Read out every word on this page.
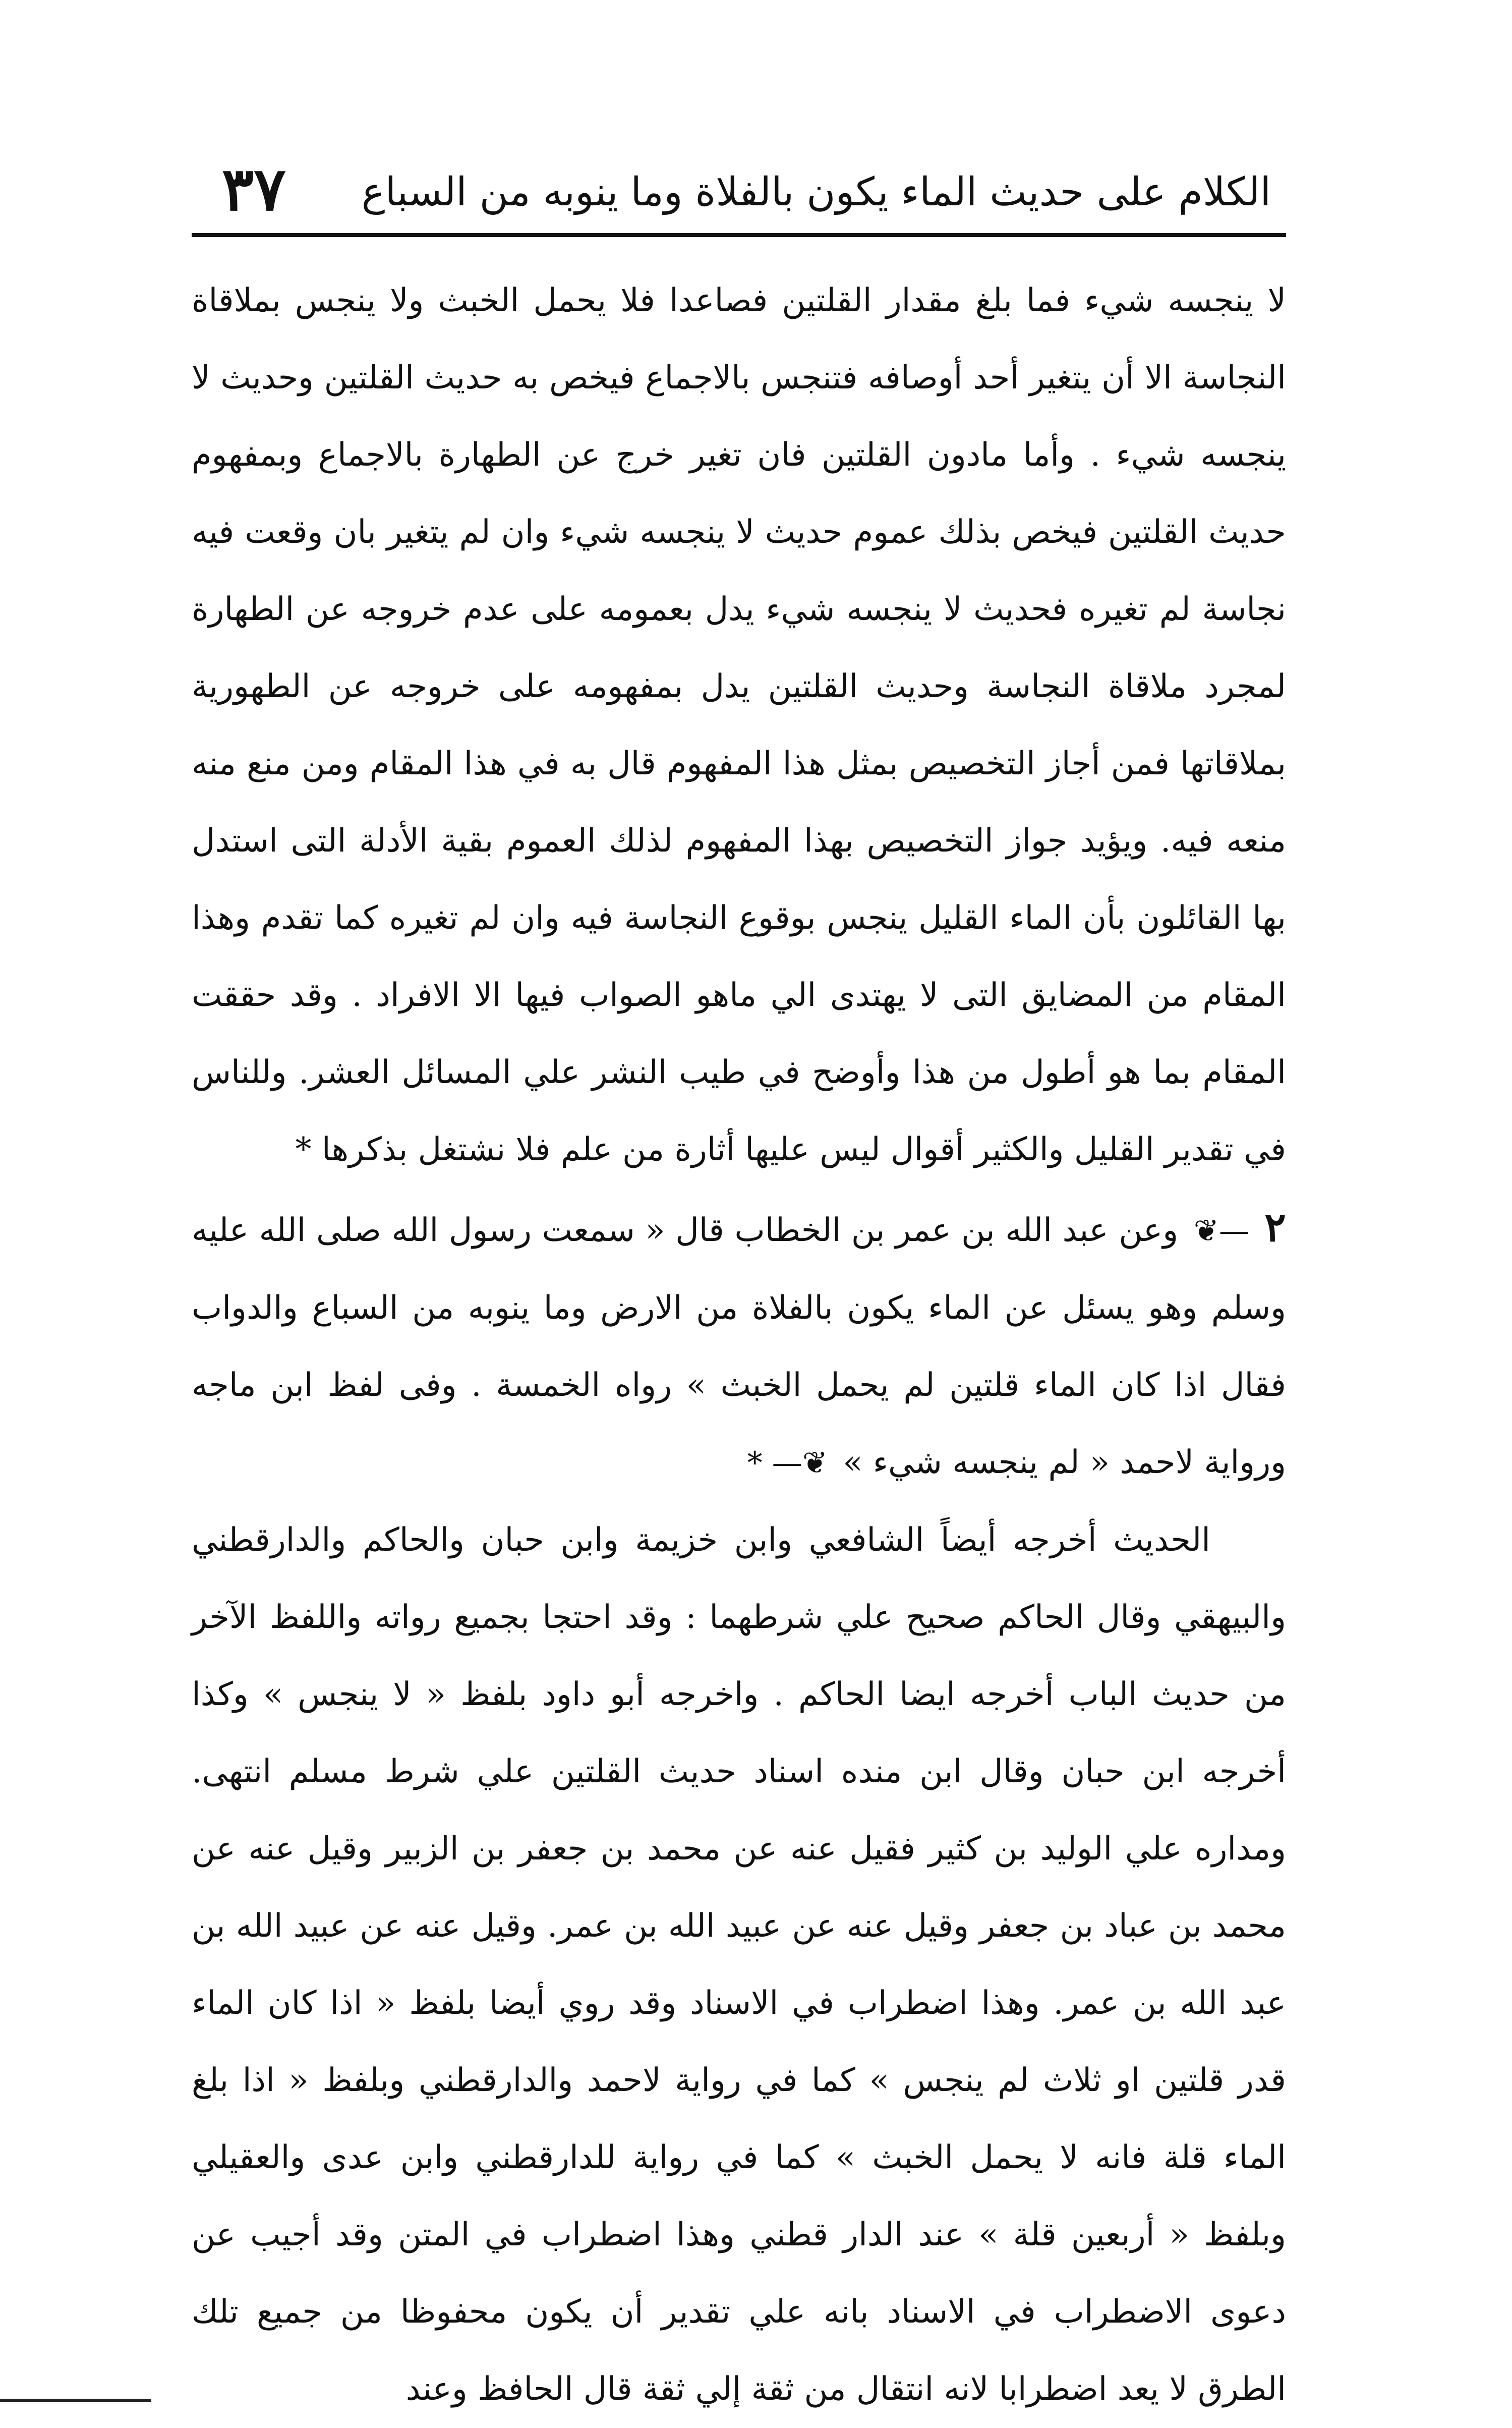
٣٧ الكلام على حديث الماء يكون بالفلاة وما ينوبه من السباع

لا ينجسه شيء فما بلغ مقدار القلتين فصاعدا فلا يحمل الخبث ولا ينجس بملاقاة النجاسة الا أن يتغير أحد أوصافه فتنجس بالاجماع فيخص به حديث القلتين وحديث لا ينجسه شيء . وأما مادون القلتين فان تغير خرج عن الطهارة بالاجماع وبمفهوم حديث القلتين فيخص بذلك عموم حديث لا ينجسه شيء وان لم يتغير بان وقعت فيه نجاسة لم تغيره فحديث لا ينجسه شيء يدل بعمومه على عدم خروجه عن الطهارة لمجرد ملاقاة النجاسة وحديث القلتين يدل بمفهومه على خروجه عن الطهورية بملاقاتها فمن أجاز التخصيص بمثل هذا المفهوم قال به في هذا المقام ومن منع منه منعه فيه. ويؤيد جواز التخصيص بهذا المفهوم لذلك العموم بقية الأدلة التى استدل بها القائلون بأن الماء القليل ينجس بوقوع النجاسة فيه وان لم تغيره كما تقدم وهذا المقام من المضايق التى لا يهتدى الي ماهو الصواب فيها الا الافراد . وقد حققت المقام بما هو أطول من هذا وأوضح في طيب النشر علي المسائل العشر. وللناس في تقدير القليل والكثير أقوال ليس عليها أثارة من علم فلا نشتغل بذكرها *

٢—❦ وعن عبد الله بن عمر بن الخطاب قال « سمعت رسول الله صلى الله عليه وسلم وهو يسئل عن الماء يكون بالفلاة من الارض وما ينوبه من السباع والدواب فقال اذا كان الماء قلتين لم يحمل الخبث » رواه الخمسة . وفى لفظ ابن ماجه ورواية لاحمد « لم ينجسه شيء » ❦— *

الحديث أخرجه أيضاً الشافعي وابن خزيمة وابن حبان والحاكم والدارقطني والبيهقي وقال الحاكم صحيح علي شرطهما : وقد احتجا بجميع رواته واللفظ الآخر من حديث الباب أخرجه ايضا الحاكم . واخرجه أبو داود بلفظ « لا ينجس » وكذا أخرجه ابن حبان وقال ابن منده اسناد حديث القلتين علي شرط مسلم انتهى. ومداره علي الوليد بن كثير فقيل عنه عن محمد بن جعفر بن الزبير وقيل عنه عن محمد بن عباد بن جعفر وقيل عنه عن عبيد الله بن عمر. وقيل عنه عن عبيد الله بن عبد الله بن عمر. وهذا اضطراب في الاسناد وقد روي أيضا بلفظ « اذا كان الماء قدر قلتين او ثلاث لم ينجس » كما في رواية لاحمد والدارقطني وبلفظ « اذا بلغ الماء قلة فانه لا يحمل الخبث » كما في رواية للدارقطني وابن عدى والعقيلي وبلفظ « أربعين قلة » عند الدار قطني وهذا اضطراب في المتن وقد أجيب عن دعوى الاضطراب في الاسناد بانه علي تقدير أن يكون محفوظا من جميع تلك الطرق لا يعد اضطرابا لانه انتقال من ثقة إلي ثقة قال الحافظ وعند
